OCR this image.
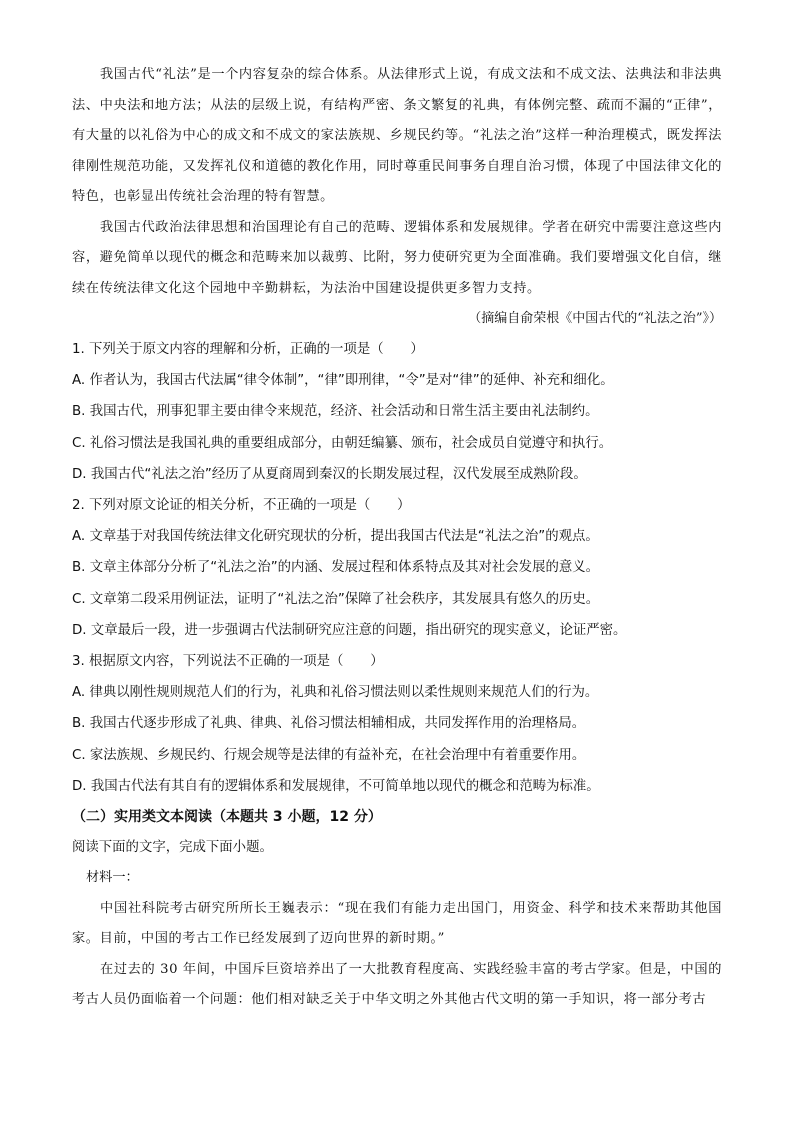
我国古代“礼法”是一个内容复杂的综合体系。从法律形式上说，有成文法和不成文法、法典法和非法典法、中央法和地方法；从法的层级上说，有结构严密、条文繁复的礼典，有体例完整、疏而不漏的“正律”，有大量的以礼俗为中心的成文和不成文的家法族规、乡规民约等。“礼法之治”这样一种治理模式，既发挥法律刚性规范功能，又发挥礼仪和道德的教化作用，同时尊重民间事务自理自治习惯，体现了中国法律文化的特色，也彰显出传统社会治理的特有智慧。

我国古代政治法律思想和治国理论有自己的范畴、逻辑体系和发展规律。学者在研究中需要注意这些内容，避免简单以现代的概念和范畴来加以裁剪、比附，努力使研究更为全面准确。我们要增强文化自信，继续在传统法律文化这个园地中辛勤耕耘，为法治中国建设提供更多智力支持。

（摘编自俞荣根《中国古代的“礼法之治”》）

1. 下列关于原文内容的理解和分析，正确的一项是（　　）

A. 作者认为，我国古代法属“律令体制”，“律”即刑律，“令”是对“律”的延伸、补充和细化。

B. 我国古代，刑事犯罪主要由律令来规范，经济、社会活动和日常生活主要由礼法制约。

C. 礼俗习惯法是我国礼典的重要组成部分，由朝廷编纂、颁布，社会成员自觉遵守和执行。

D. 我国古代“礼法之治”经历了从夏商周到秦汉的长期发展过程，汉代发展至成熟阶段。

2. 下列对原文论证的相关分析，不正确的一项是（　　）

A. 文章基于对我国传统法律文化研究现状的分析，提出我国古代法是“礼法之治”的观点。

B. 文章主体部分分析了“礼法之治”的内涵、发展过程和体系特点及其对社会发展的意义。

C. 文章第二段采用例证法，证明了“礼法之治”保障了社会秩序，其发展具有悠久的历史。

D. 文章最后一段，进一步强调古代法制研究应注意的问题，指出研究的现实意义，论证严密。

3. 根据原文内容，下列说法不正确的一项是（　　）

A. 律典以刚性规则规范人们的行为，礼典和礼俗习惯法则以柔性规则来规范人们的行为。

B. 我国古代逐步形成了礼典、律典、礼俗习惯法相辅相成，共同发挥作用的治理格局。

C. 家法族规、乡规民约、行规会规等是法律的有益补充，在社会治理中有着重要作用。

D. 我国古代法有其自有的逻辑体系和发展规律，不可简单地以现代的概念和范畴为标准。

（二）实用类文本阅读（本题共 3 小题，12 分）

阅读下面的文字，完成下面小题。

材料一：

中国社科院考古研究所所长王巍表示：“现在我们有能力走出国门，用资金、科学和技术来帮助其他国家。目前，中国的考古工作已经发展到了迈向世界的新时期。”

在过去的 30 年间，中国斥巨资培养出了一大批教育程度高、实践经验丰富的考古学家。但是，中国的考古人员仍面临着一个问题：他们相对缺乏关于中华文明之外其他古代文明的第一手知识，将一部分考古
